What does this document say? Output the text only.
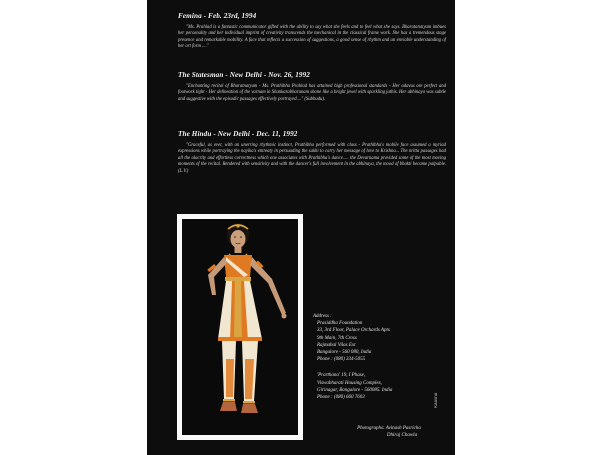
Femina - Feb. 23rd, 1994

"Ms. Prahlad is a fantastic communicator gifted with the ability to say what she feels and to feel what she says. Bharatanatyam imbues her personality and her individual imprint of creativity transcends the mechanical in the classical frame work. She has a tremendous stage presence and remarkable mobility. A face that reflects a succession of suggestions, a good sense of rhythm and an enviable understanding of her art form ...."

The Statesman - New Delhi - Nov. 26, 1992

"Enchanting recital of Bharatnatyam - Ms. Prathibha Prahlad has attained high professional standards - Her adavus are perfect and footwork tight - Her delineation of the varnam in Shankarabharanam shone like a bright jewel with sparkling jathis. Her abhinaya was subtle and suggestive with the episodic passages effectively portrayed...." (Subbudu).

The Hindu - New Delhi - Dec. 11, 1992

"Graceful, as ever, with an unerring rhythmic instinct, Prathibha performed with class - Prathibha's mobile face assumed a myriad expressions while portraying the nayika's entreaty in persuading the sakhi to carry her message of love to Krishna... The nritta passages had all the alacrity and effortless correctness which one associates with Prathibha's dance..... the Devarnama provided some of the most moving moments of the recital. Rendered with sensitivity and with the dancer's full involvement in the abhinaya, the mood of bhakti became palpable. (L.V.)

Address :
Prasiddha Foundation
33, 3rd Floor, Palace Orchards Apts
9th Main, 7th Cross
Rajmahal Vilas Ext
Bangalore - 560 080, India
Phone : (080) 334-5055
'Prarthana' 19, I Phase,
Viswabharati Housing Complex,
Girinagar, Bangalore - 560085. India
Phone : (080) 660 7603
Photographs: Avinash Pasricha
Dhiraj Chawla
Kaasna
